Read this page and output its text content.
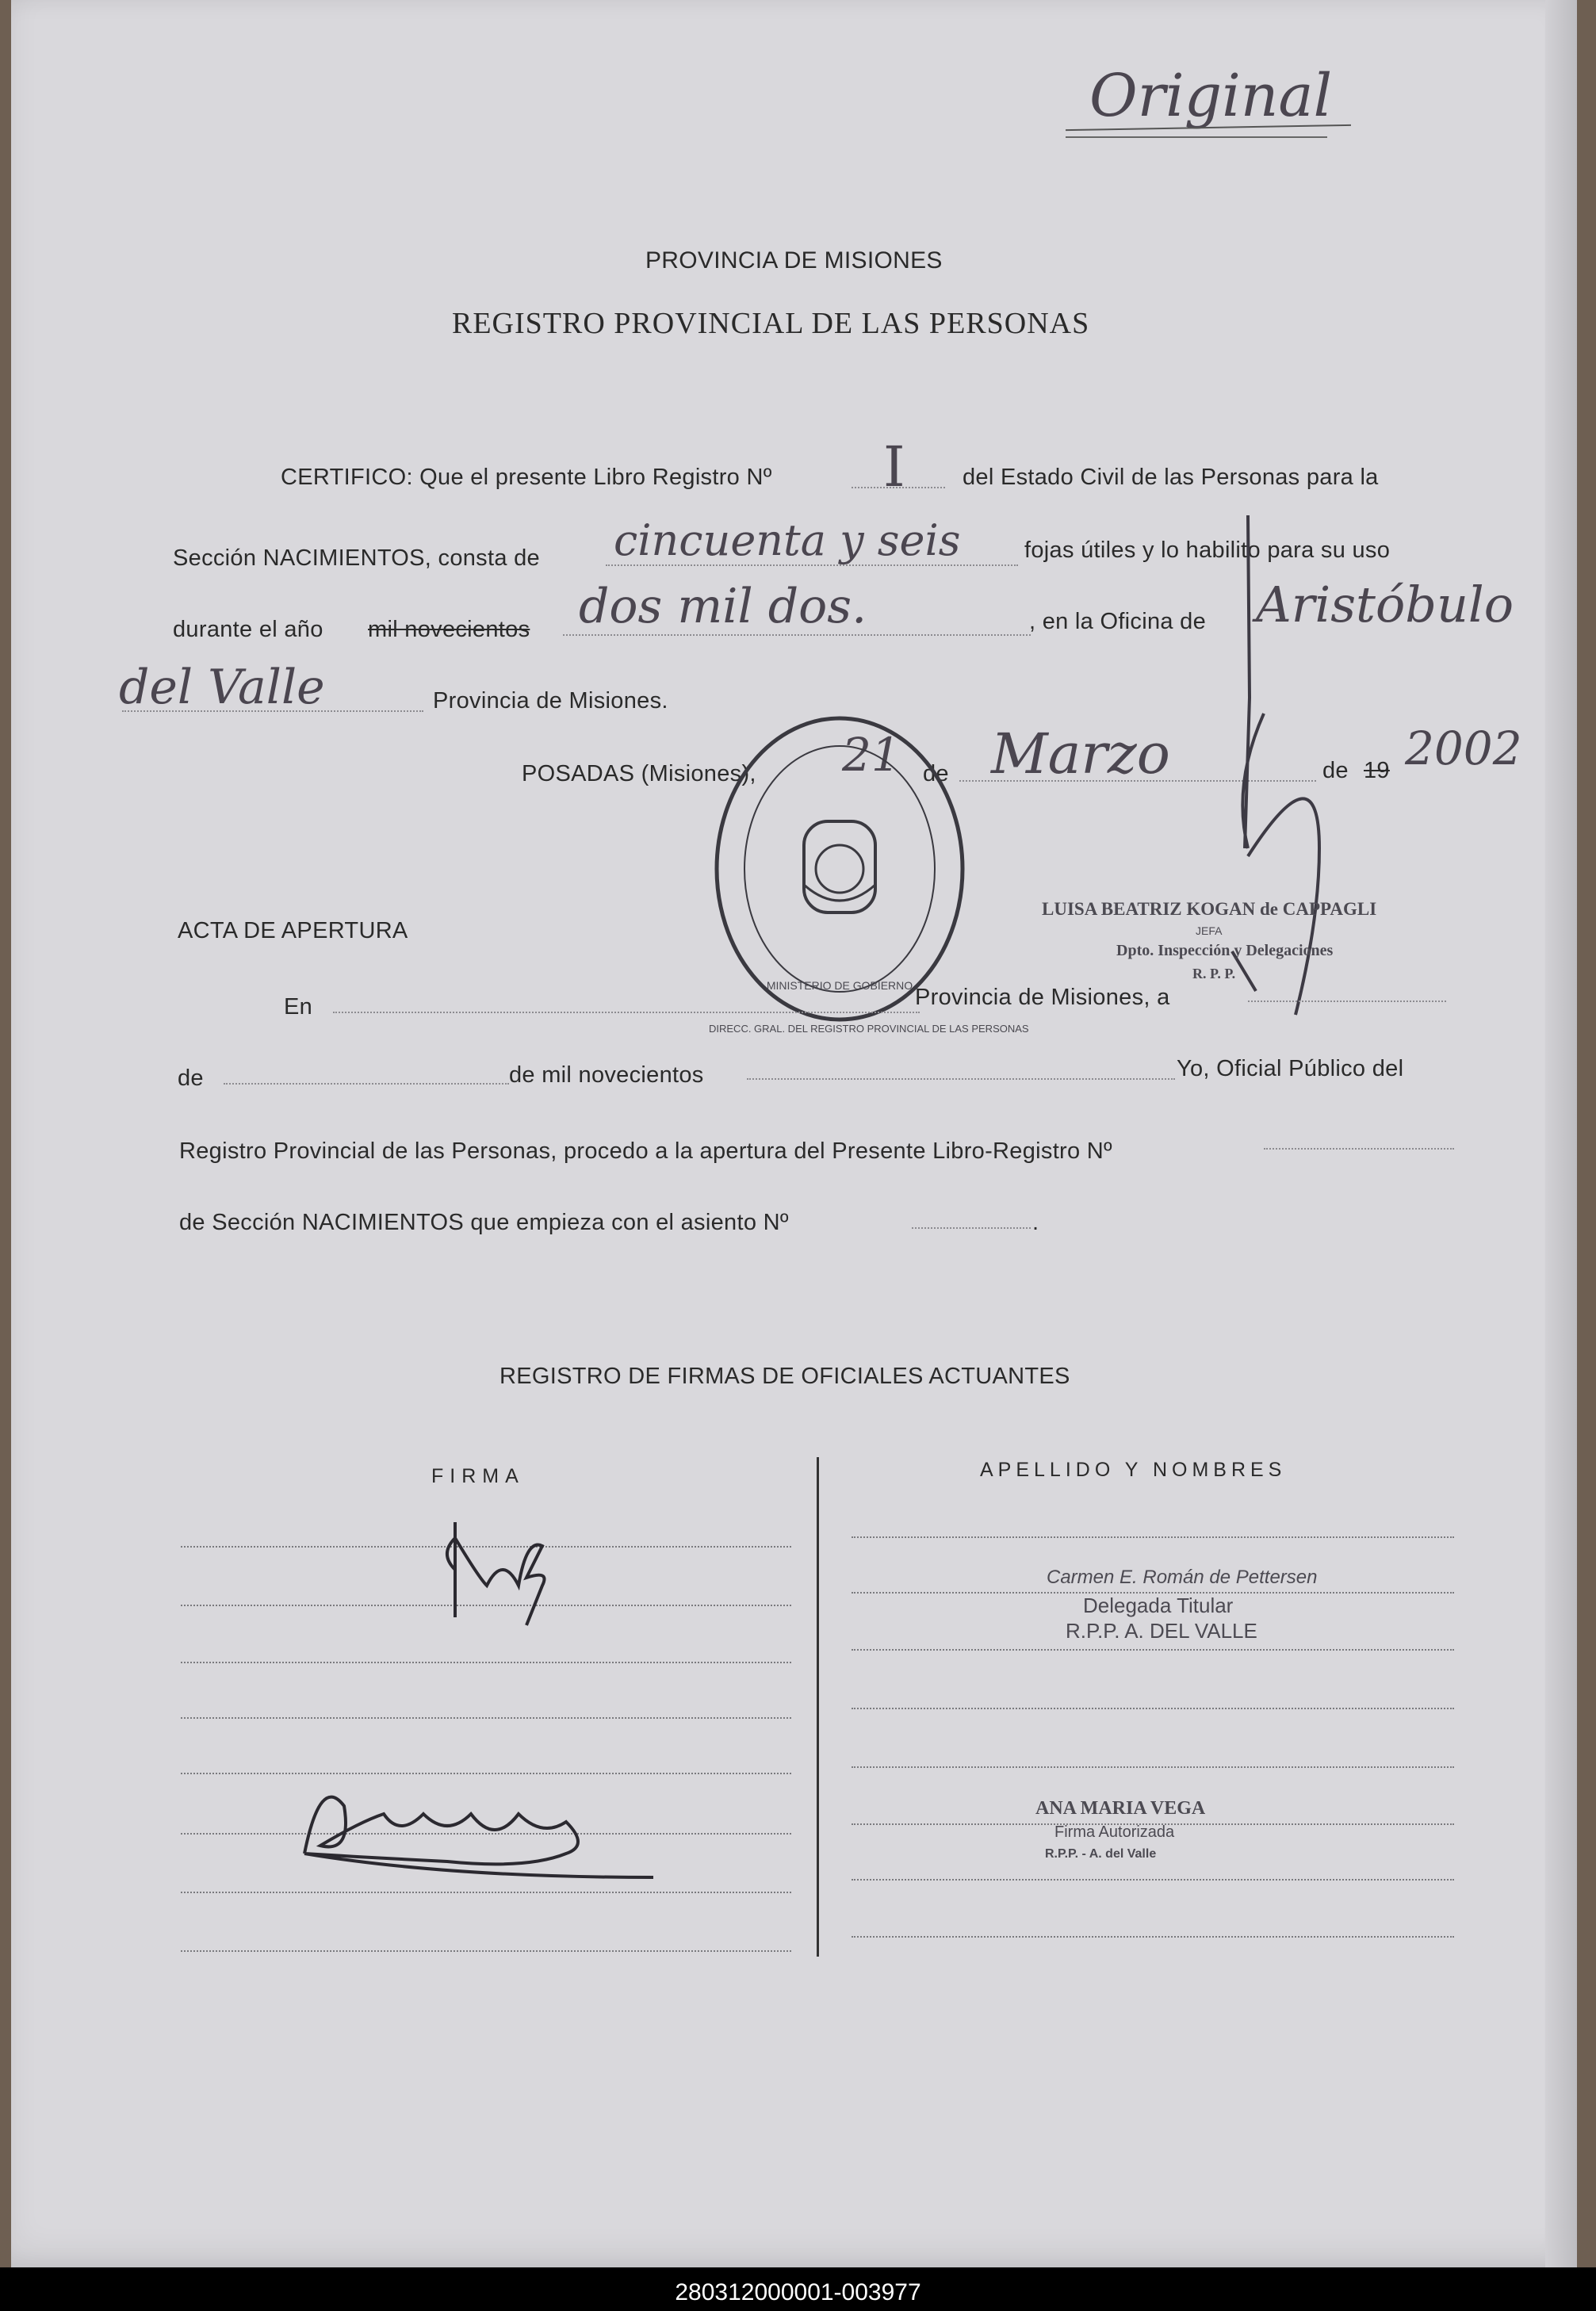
Original
PROVINCIA DE MISIONES
REGISTRO PROVINCIAL DE LAS PERSONAS
CERTIFICO: Que el presente Libro Registro Nº I del Estado Civil de las Personas para la
Sección NACIMIENTOS, consta de cincuenta y seis	fojas útiles y lo habilito para su uso
durante el año mil novecientos dos mil dos.	, en la Oficina de Aristóbulo
del Valle	Provincia de Misiones.
POSADAS (Misiones), 21 de Marzo	de 19 2002
DIRECC. GRAL. DEL REGISTRO PROVINCIAL DE LAS PERSONAS
MINISTERIO DE GOBIERNO
LUISA BEATRIZ KOGAN de CAPPAGLI
JEFA
Dpto. Inspección y Delegaciones
R. P. P.
ACTA DE APERTURA
En	Provincia de Misiones, a
de	de mil novecientos	Yo, Oficial Público del
Registro Provincial de las Personas, procedo a la apertura del Presente Libro-Registro Nº
de Sección NACIMIENTOS que empieza con el asiento Nº	.
REGISTRO DE FIRMAS DE OFICIALES ACTUANTES
FIRMA	APELLIDO Y NOMBRES
Carmen E. Román de Pettersen
Delegada Titular
R.P.P. A. DEL VALLE
ANA MARIA VEGA
Firma Autorizada
R.P.P. - A. del Valle
280312000001-003977
